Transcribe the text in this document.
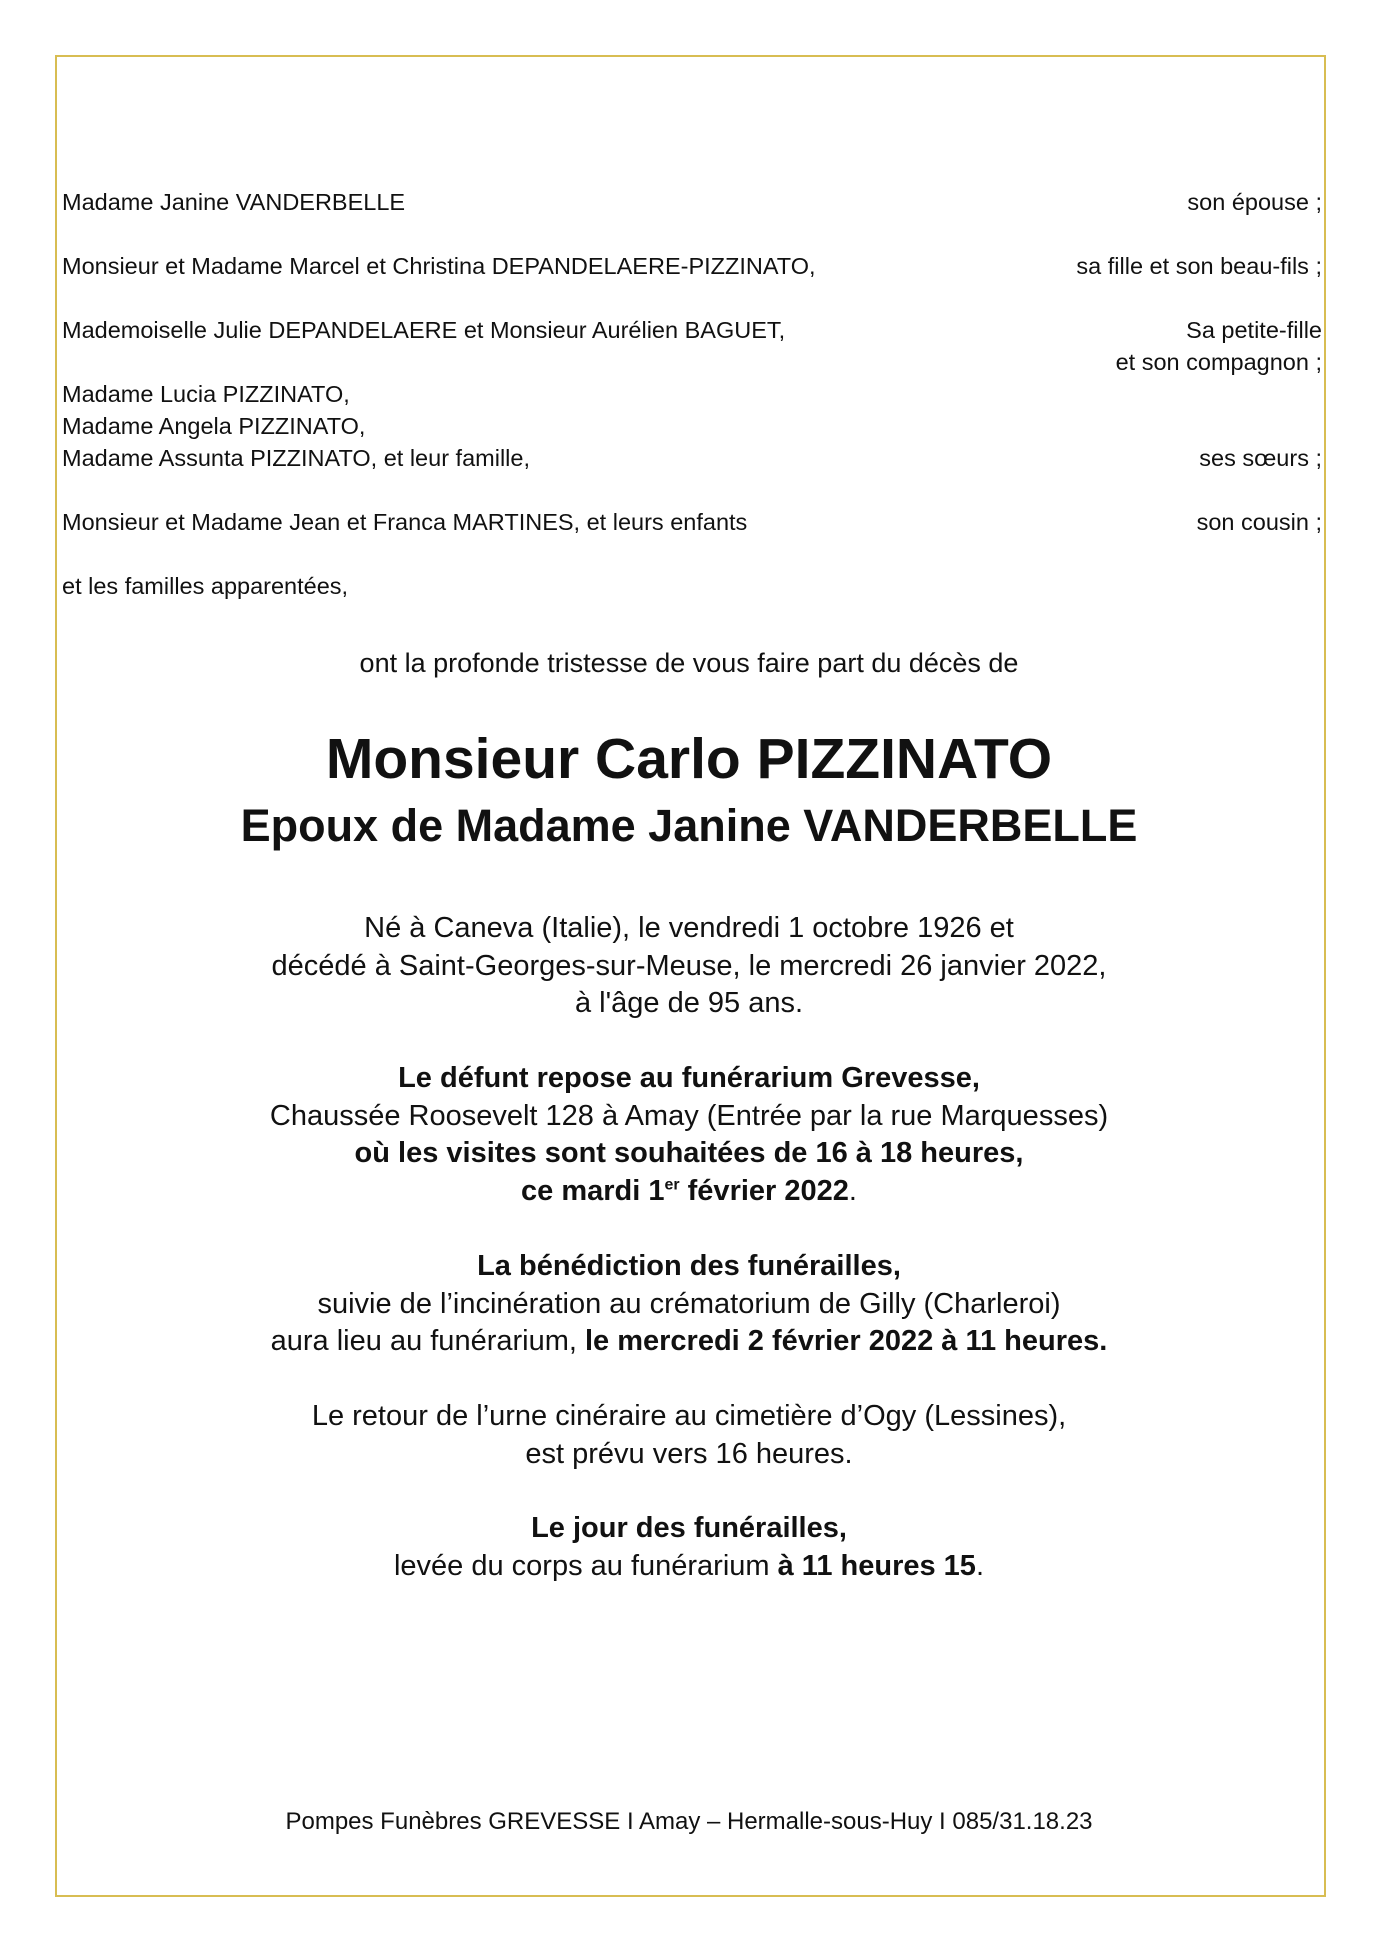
Madame Janine VANDERBELLE	son épouse ;
Monsieur et Madame Marcel et Christina DEPANDELAERE-PIZZINATO,	sa fille et son beau-fils ;
Mademoiselle Julie DEPANDELAERE et Monsieur Aurélien BAGUET,	Sa petite-fille
et son compagnon ;
Madame Lucia PIZZINATO,
Madame Angela PIZZINATO,
Madame Assunta PIZZINATO, et leur famille,	ses sœurs ;
Monsieur et Madame Jean et Franca MARTINES, et leurs enfants	son cousin ;
et les familles apparentées,
ont la profonde tristesse de vous faire part du décès de
Monsieur Carlo PIZZINATO
Epoux de Madame Janine VANDERBELLE
Né à Caneva (Italie), le vendredi 1 octobre 1926 et
décédé à Saint-Georges-sur-Meuse, le mercredi 26 janvier 2022,
à l'âge de 95 ans.
Le défunt repose au funérarium Grevesse,
Chaussée Roosevelt 128 à Amay (Entrée par la rue Marquesses)
où les visites sont souhaitées de 16 à 18 heures,
ce mardi 1er février 2022.
La bénédiction des funérailles,
suivie de l’incinération au crématorium de Gilly (Charleroi)
aura lieu au funérarium, le mercredi 2 février 2022 à 11 heures.
Le retour de l’urne cinéraire au cimetière d’Ogy (Lessines),
est prévu vers 16 heures.
Le jour des funérailles,
levée du corps au funérarium à 11 heures 15.
Pompes Funèbres GREVESSE I Amay – Hermalle-sous-Huy I 085/31.18.23
